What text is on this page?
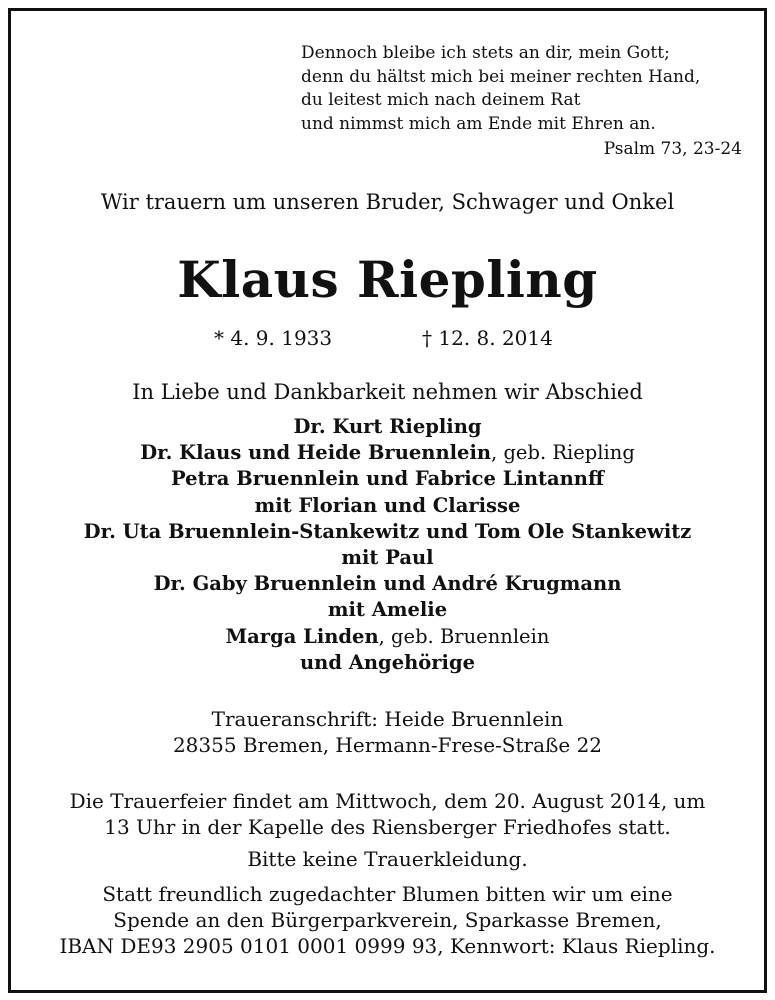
Dennoch bleibe ich stets an dir, mein Gott;
denn du hältst mich bei meiner rechten Hand,
du leitest mich nach deinem Rat
und nimmst mich am Ende mit Ehren an.
Psalm 73, 23-24
Wir trauern um unseren Bruder, Schwager und Onkel
Klaus Riepling
* 4. 9. 1933	† 12. 8. 2014
In Liebe und Dankbarkeit nehmen wir Abschied
Dr. Kurt Riepling
Dr. Klaus und Heide Bruennlein, geb. Riepling
Petra Bruennlein und Fabrice Lintannff
mit Florian und Clarisse
Dr. Uta Bruennlein-Stankewitz und Tom Ole Stankewitz
mit Paul
Dr. Gaby Bruennlein und André Krugmann
mit Amelie
Marga Linden, geb. Bruennlein
und Angehörige
Traueranschrift: Heide Bruennlein
28355 Bremen, Hermann-Frese-Straße 22
Die Trauerfeier findet am Mittwoch, dem 20. August 2014, um
13 Uhr in der Kapelle des Riensberger Friedhofes statt.
Bitte keine Trauerkleidung.
Statt freundlich zugedachter Blumen bitten wir um eine
Spende an den Bürgerparkverein, Sparkasse Bremen,
IBAN DE93 2905 0101 0001 0999 93, Kennwort: Klaus Riepling.
